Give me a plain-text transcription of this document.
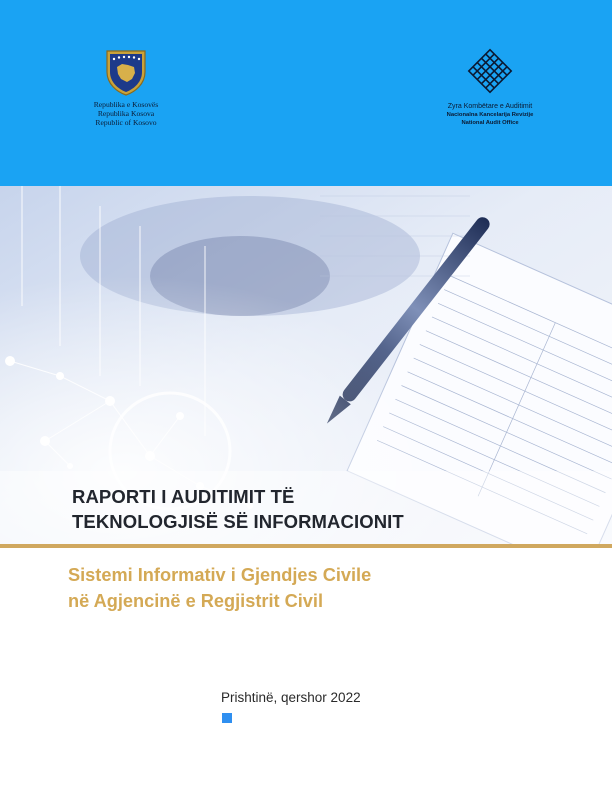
Republika e Kosovës
Republika Kosova
Republic of Kosovo
Zyra Kombëtare e Auditimit
Nacionalna Kancelarija Revizije
National Audit Office
RAPORTI I AUDITIMIT TË
TEKNOLOGJISË SË INFORMACIONIT
Sistemi Informativ i Gjendjes Civile
në Agjencinë e Regjistrit Civil
Prishtinë, qershor 2022
